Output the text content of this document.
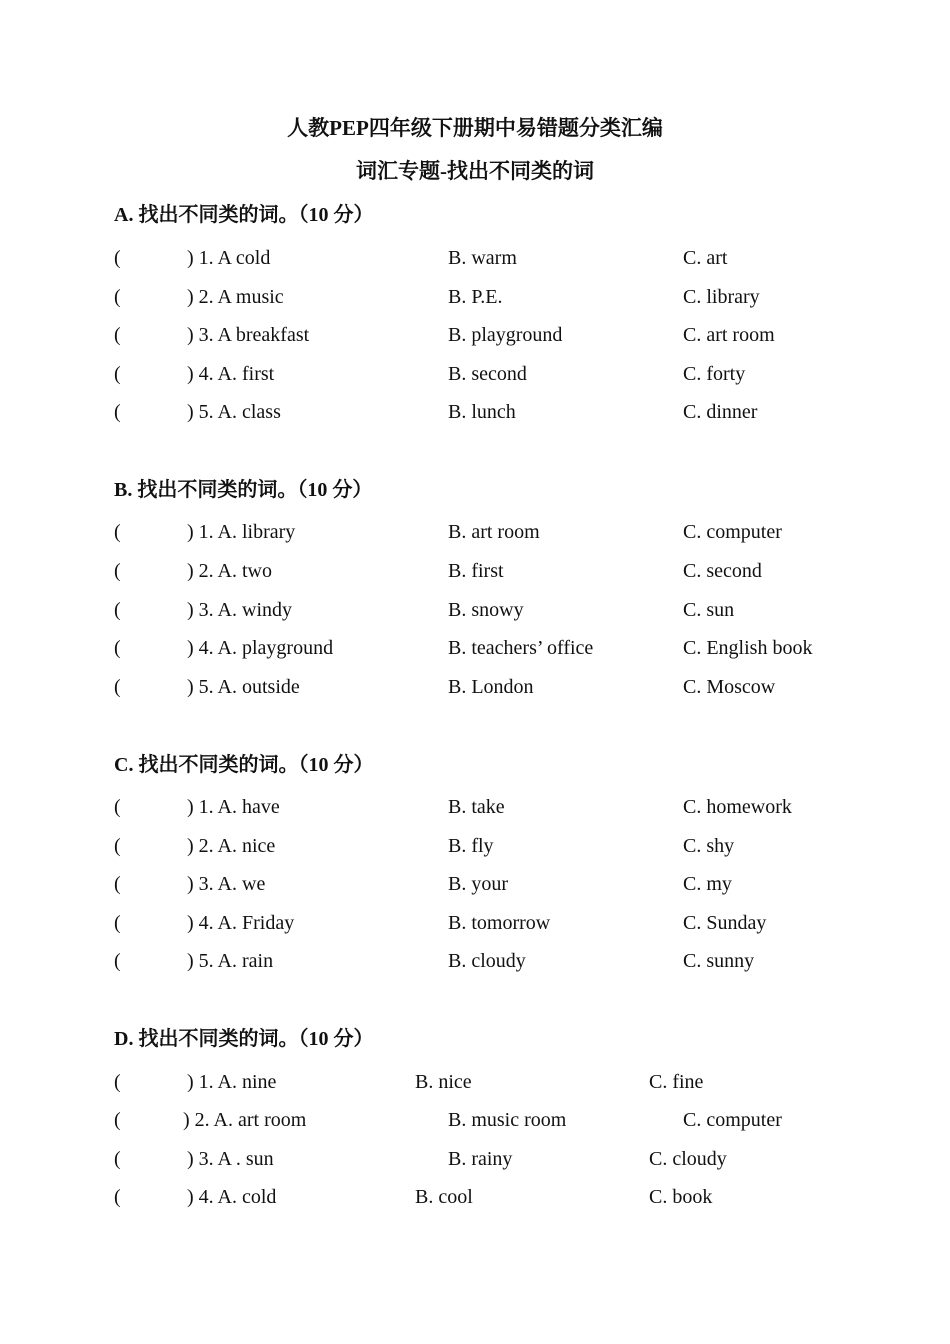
人教PEP四年级下册期中易错题分类汇编
词汇专题-找出不同类的词
A. 找出不同类的词。（10 分）
(	) 1. A cold	B. warm	C. art
(	) 2. A music	B. P.E.	C. library
(	) 3. A breakfast	B. playground	C. art room
(	) 4. A. first	B. second	C. forty
(	) 5. A. class	B. lunch	C. dinner
B. 找出不同类的词。（10 分）
(	) 1. A. library	B. art room	C. computer
(	) 2. A. two	B. first	C. second
(	) 3. A. windy	B. snowy	C. sun
(	) 4. A. playground	B. teachers’ office	C. English book
(	) 5. A. outside	B. London	C. Moscow
C. 找出不同类的词。（10 分）
(	) 1. A. have	B. take	C. homework
(	) 2. A. nice	B. fly	C. shy
(	) 3. A. we	B. your	C. my
(	) 4. A. Friday	B. tomorrow	C. Sunday
(	) 5. A. rain	B. cloudy	C. sunny
D. 找出不同类的词。（10 分）
(	) 1. A. nine	B. nice	C. fine
(	) 2. A. art room	B. music room	C. computer
(	) 3. A . sun	B. rainy	C. cloudy
(	) 4. A. cold	B. cool	C. book
